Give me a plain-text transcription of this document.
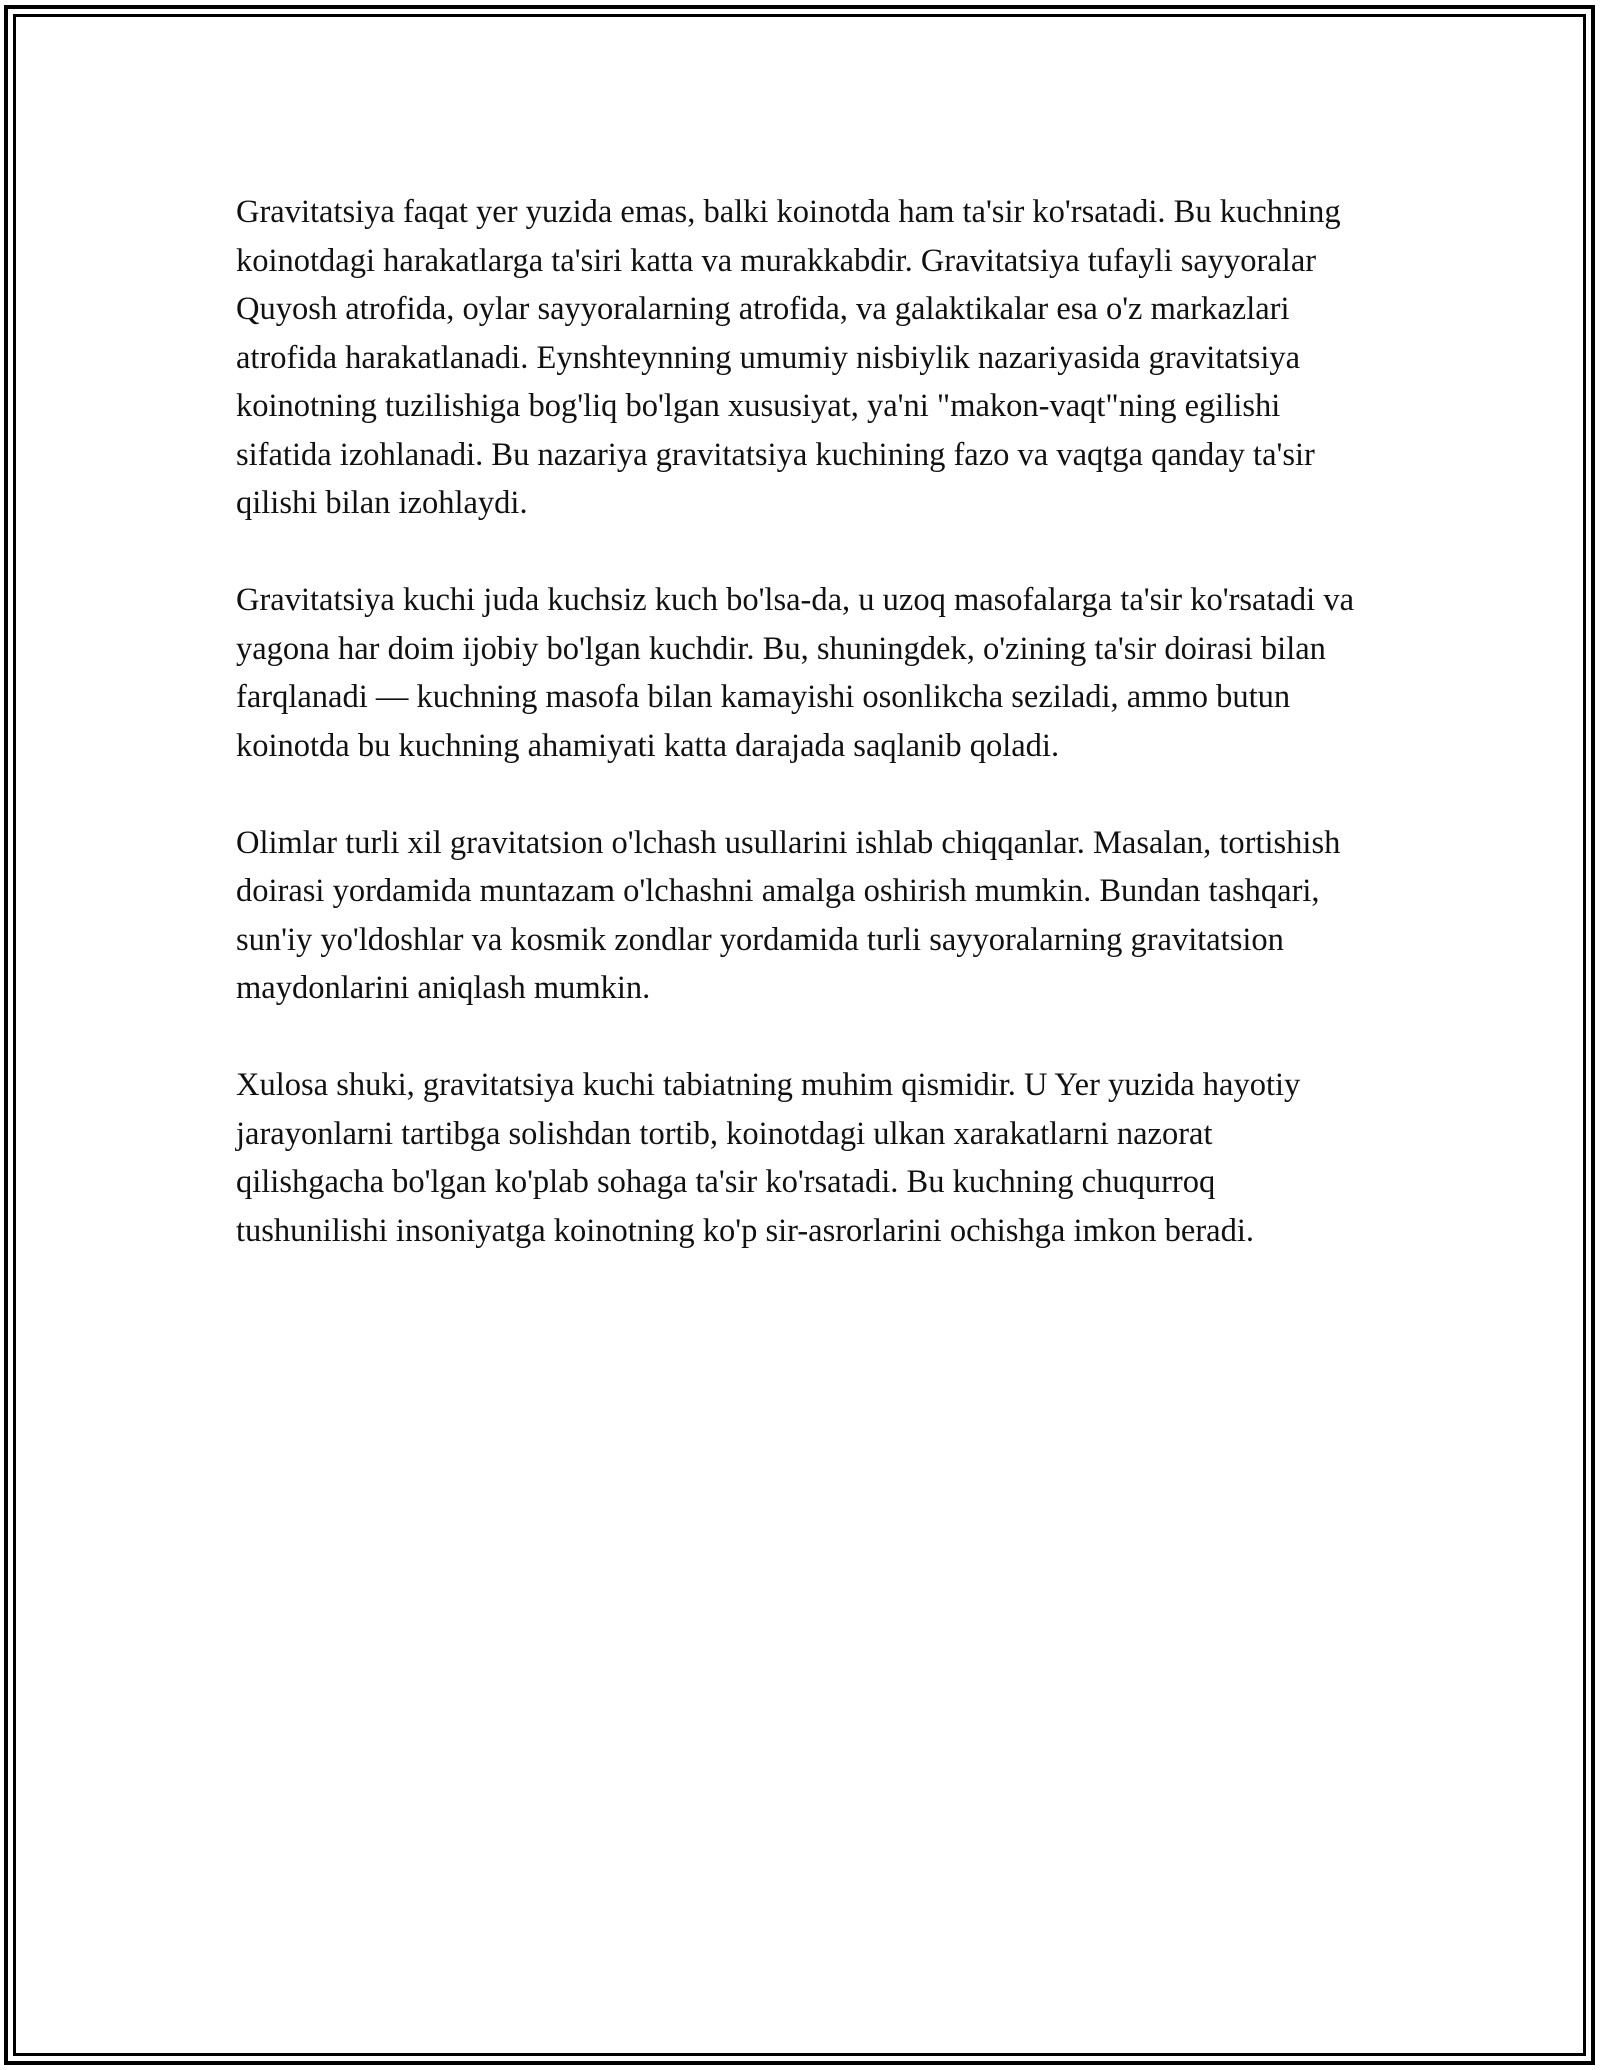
Gravitatsiya faqat yer yuzida emas, balki koinotda ham ta'sir ko'rsatadi. Bu kuchning koinotdagi harakatlarga ta'siri katta va murakkabdir. Gravitatsiya tufayli sayyoralar Quyosh atrofida, oylar sayyoralarning atrofida, va galaktikalar esa o'z markazlari atrofida harakatlanadi. Eynshteynning umumiy nisbiylik nazariyasida gravitatsiya koinotning tuzilishiga bog'liq bo'lgan xususiyat, ya'ni "makon-vaqt"ning egilishi sifatida izohlanadi. Bu nazariya gravitatsiya kuchining fazo va vaqtga qanday ta'sir qilishi bilan izohlaydi.

Gravitatsiya kuchi juda kuchsiz kuch bo'lsa-da, u uzoq masofalarga ta'sir ko'rsatadi va yagona har doim ijobiy bo'lgan kuchdir. Bu, shuningdek, o'zining ta'sir doirasi bilan farqlanadi — kuchning masofa bilan kamayishi osonlikcha seziladi, ammo butun koinotda bu kuchning ahamiyati katta darajada saqlanib qoladi.

Olimlar turli xil gravitatsion o'lchash usullarini ishlab chiqqanlar. Masalan, tortishish doirasi yordamida muntazam o'lchashni amalga oshirish mumkin. Bundan tashqari, sun'iy yo'ldoshlar va kosmik zondlar yordamida turli sayyoralarning gravitatsion maydonlarini aniqlash mumkin.

Xulosa shuki, gravitatsiya kuchi tabiatning muhim qismidir. U Yer yuzida hayotiy jarayonlarni tartibga solishdan tortib, koinotdagi ulkan xarakatlarni nazorat qilishgacha bo'lgan ko'plab sohaga ta'sir ko'rsatadi. Bu kuchning chuqurroq tushunilishi insoniyatga koinotning ko'p sir-asrorlarini ochishga imkon beradi.
